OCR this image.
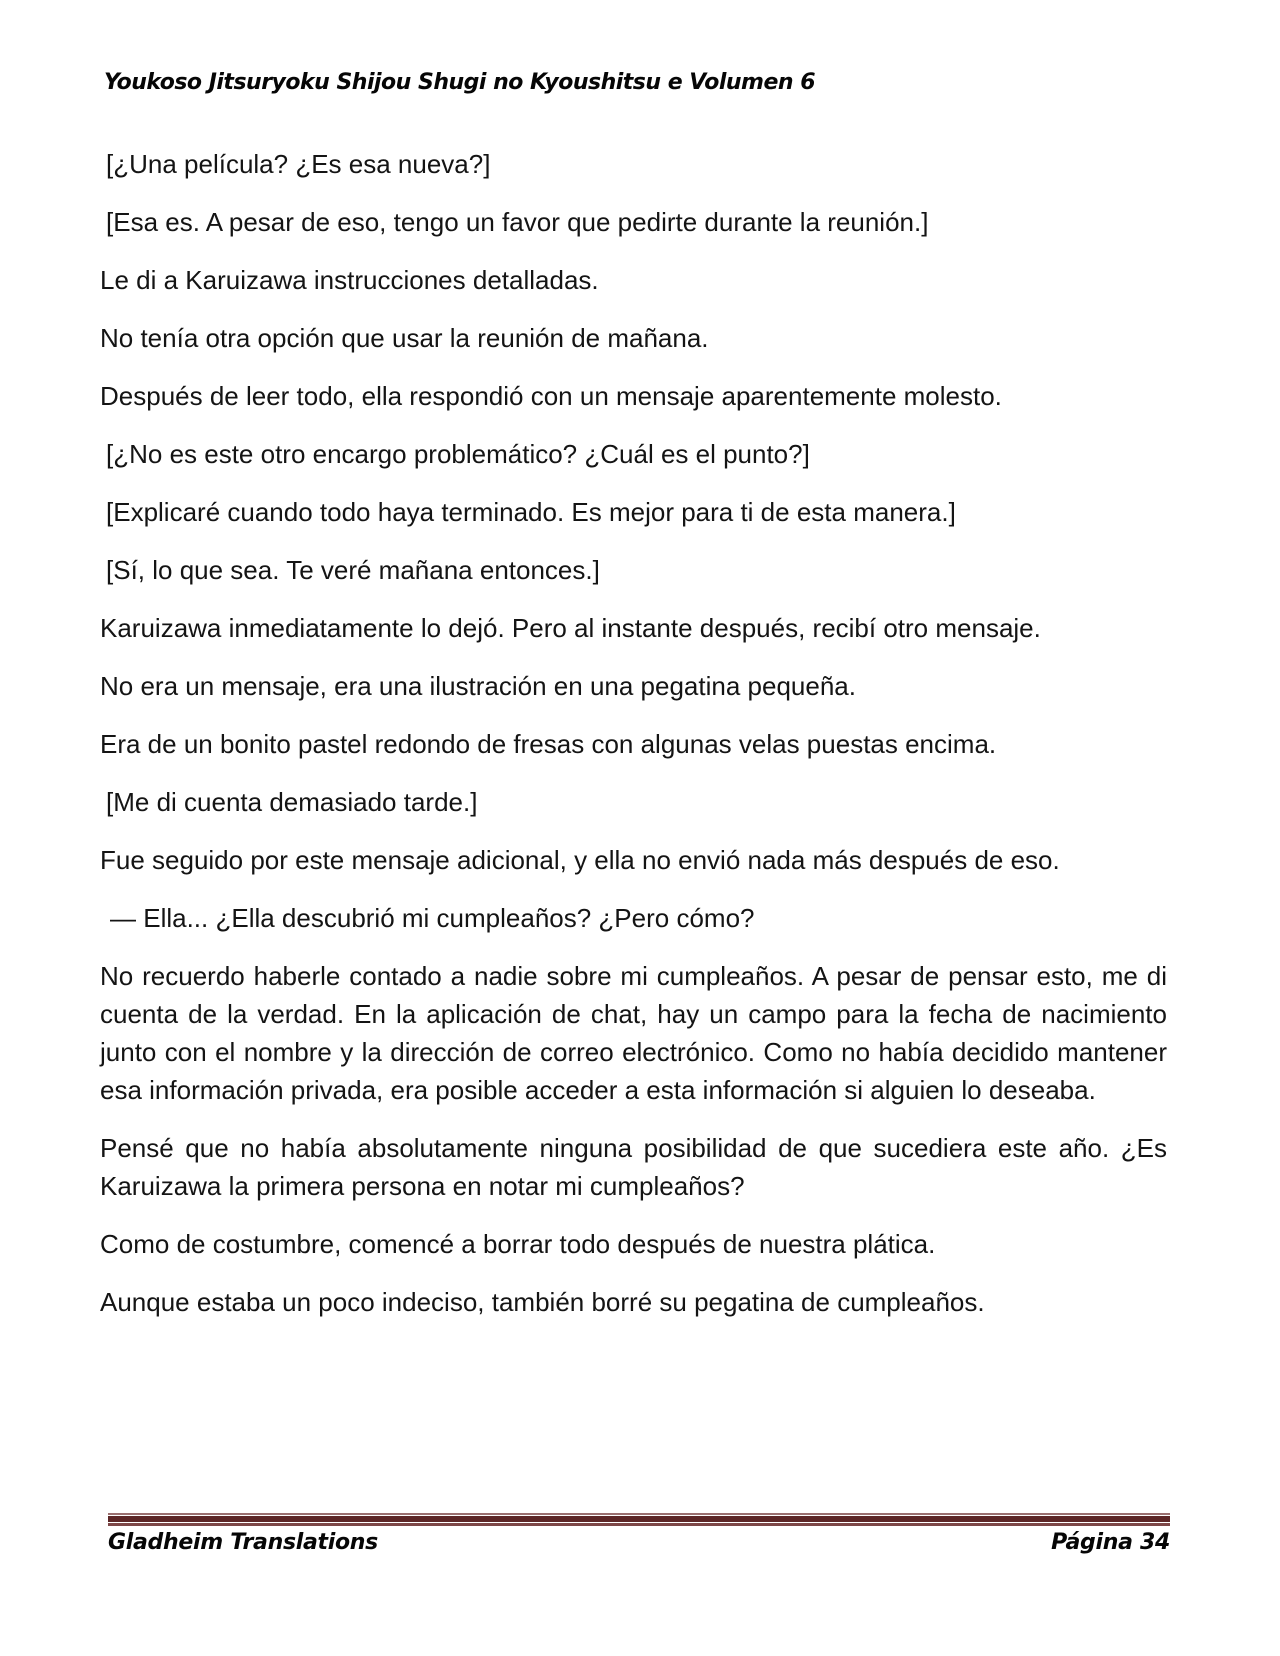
Youkoso Jitsuryoku Shijou Shugi no Kyoushitsu e Volumen 6

[¿Una película? ¿Es esa nueva?]

[Esa es. A pesar de eso, tengo un favor que pedirte durante la reunión.]

Le di a Karuizawa instrucciones detalladas.

No tenía otra opción que usar la reunión de mañana.

Después de leer todo, ella respondió con un mensaje aparentemente molesto.

[¿No es este otro encargo problemático? ¿Cuál es el punto?]

[Explicaré cuando todo haya terminado. Es mejor para ti de esta manera.]

[Sí, lo que sea. Te veré mañana entonces.]

Karuizawa inmediatamente lo dejó. Pero al instante después, recibí otro mensaje.

No era un mensaje, era una ilustración en una pegatina pequeña.

Era de un bonito pastel redondo de fresas con algunas velas puestas encima.

[Me di cuenta demasiado tarde.]

Fue seguido por este mensaje adicional, y ella no envió nada más después de eso.

— Ella... ¿Ella descubrió mi cumpleaños? ¿Pero cómo?

No recuerdo haberle contado a nadie sobre mi cumpleaños. A pesar de pensar esto, me di cuenta de la verdad. En la aplicación de chat, hay un campo para la fecha de nacimiento junto con el nombre y la dirección de correo electrónico. Como no había decidido mantener esa información privada, era posible acceder a esta información si alguien lo deseaba.

Pensé que no había absolutamente ninguna posibilidad de que sucediera este año. ¿Es Karuizawa la primera persona en notar mi cumpleaños?

Como de costumbre, comencé a borrar todo después de nuestra plática.

Aunque estaba un poco indeciso, también borré su pegatina de cumpleaños.

Gladheim Translations	Página 34
